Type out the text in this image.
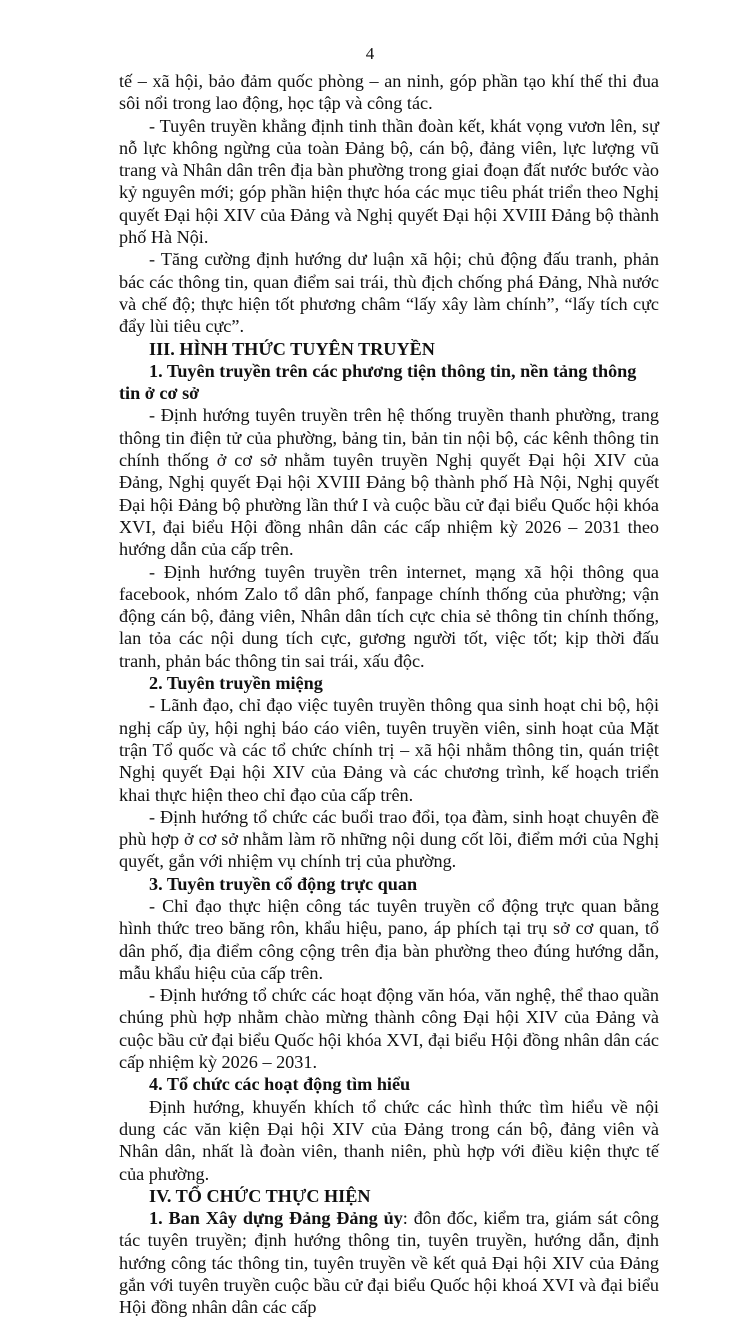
4

tế – xã hội, bảo đảm quốc phòng – an ninh, góp phần tạo khí thế thi đua sôi nổi trong lao động, học tập và công tác.

- Tuyên truyền khẳng định tinh thần đoàn kết, khát vọng vươn lên, sự nỗ lực không ngừng của toàn Đảng bộ, cán bộ, đảng viên, lực lượng vũ trang và Nhân dân trên địa bàn phường trong giai đoạn đất nước bước vào kỷ nguyên mới; góp phần hiện thực hóa các mục tiêu phát triển theo Nghị quyết Đại hội XIV của Đảng và Nghị quyết Đại hội XVIII Đảng bộ thành phố Hà Nội.

- Tăng cường định hướng dư luận xã hội; chủ động đấu tranh, phản bác các thông tin, quan điểm sai trái, thù địch chống phá Đảng, Nhà nước và chế độ; thực hiện tốt phương châm “lấy xây làm chính”, “lấy tích cực đẩy lùi tiêu cực”.

III. HÌNH THỨC TUYÊN TRUYỀN

1. Tuyên truyền trên các phương tiện thông tin, nền tảng thông tin ở cơ sở

- Định hướng tuyên truyền trên hệ thống truyền thanh phường, trang thông tin điện tử của phường, bảng tin, bản tin nội bộ, các kênh thông tin chính thống ở cơ sở nhằm tuyên truyền Nghị quyết Đại hội XIV của Đảng, Nghị quyết Đại hội XVIII Đảng bộ thành phố Hà Nội, Nghị quyết Đại hội Đảng bộ phường lần thứ I và cuộc bầu cử đại biểu Quốc hội khóa XVI, đại biểu Hội đồng nhân dân các cấp nhiệm kỳ 2026 – 2031 theo hướng dẫn của cấp trên.

- Định hướng tuyên truyền trên internet, mạng xã hội thông qua facebook, nhóm Zalo tổ dân phố, fanpage chính thống của phường; vận động cán bộ, đảng viên, Nhân dân tích cực chia sẻ thông tin chính thống, lan tỏa các nội dung tích cực, gương người tốt, việc tốt; kịp thời đấu tranh, phản bác thông tin sai trái, xấu độc.

2. Tuyên truyền miệng

- Lãnh đạo, chỉ đạo việc tuyên truyền thông qua sinh hoạt chi bộ, hội nghị cấp ủy, hội nghị báo cáo viên, tuyên truyền viên, sinh hoạt của Mặt trận Tổ quốc và các tổ chức chính trị – xã hội nhằm thông tin, quán triệt Nghị quyết Đại hội XIV của Đảng và các chương trình, kế hoạch triển khai thực hiện theo chỉ đạo của cấp trên.

- Định hướng tổ chức các buổi trao đổi, tọa đàm, sinh hoạt chuyên đề phù hợp ở cơ sở nhằm làm rõ những nội dung cốt lõi, điểm mới của Nghị quyết, gắn với nhiệm vụ chính trị của phường.

3. Tuyên truyền cổ động trực quan

- Chỉ đạo thực hiện công tác tuyên truyền cổ động trực quan bằng hình thức treo băng rôn, khẩu hiệu, pano, áp phích tại trụ sở cơ quan, tổ dân phố, địa điểm công cộng trên địa bàn phường theo đúng hướng dẫn, mẫu khẩu hiệu của cấp trên.

- Định hướng tổ chức các hoạt động văn hóa, văn nghệ, thể thao quần chúng phù hợp nhằm chào mừng thành công Đại hội XIV của Đảng và cuộc bầu cử đại biểu Quốc hội khóa XVI, đại biểu Hội đồng nhân dân các cấp nhiệm kỳ 2026 – 2031.

4. Tổ chức các hoạt động tìm hiểu

Định hướng, khuyến khích tổ chức các hình thức tìm hiểu về nội dung các văn kiện Đại hội XIV của Đảng trong cán bộ, đảng viên và Nhân dân, nhất là đoàn viên, thanh niên, phù hợp với điều kiện thực tế của phường.

IV. TỔ CHỨC THỰC HIỆN

1. Ban Xây dựng Đảng Đảng ủy: đôn đốc, kiểm tra, giám sát công tác tuyên truyền; định hướng thông tin, tuyên truyền, hướng dẫn, định hướng công tác thông tin, tuyên truyền về kết quả Đại hội XIV của Đảng gắn với tuyên truyền cuộc bầu cử đại biểu Quốc hội khoá XVI và đại biểu Hội đồng nhân dân các cấp
